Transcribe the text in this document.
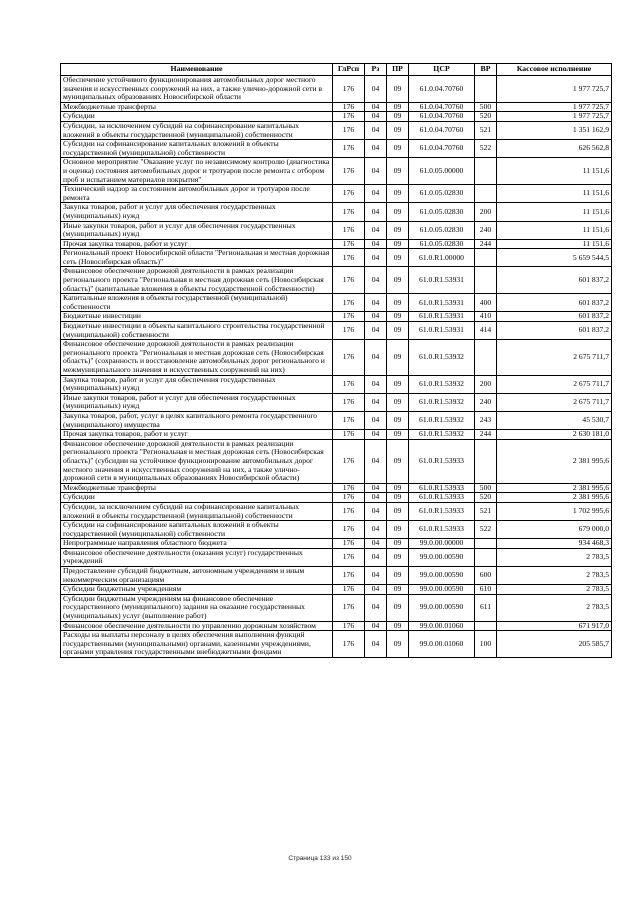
Наименование	ГлРсп	Рз	ПР	ЦСР	ВР	Кассовое исполнение
Обеспечение устойчивого функционирования автомобильных дорог местного значения и искусственных сооружений на них, а также улично-дорожной сети в муниципальных образованиях Новосибирской области	176	04	09	61.0.04.70760		1 977 725,7
Межбюджетные трансферты	176	04	09	61.0.04.70760	500	1 977 725,7
Субсидии	176	04	09	61.0.04.70760	520	1 977 725,7
Субсидии, за исключением субсидий на софинансирование капитальных вложений в объекты государственной (муниципальной) собственности	176	04	09	61.0.04.70760	521	1 351 162,9
Субсидии на софинансирование капитальных вложений в объекты государственной (муниципальной) собственности	176	04	09	61.0.04.70760	522	626 562,8
Основное мероприятие "Оказание услуг по независимому контролю (диагностика и оценка) состояния автомобильных дорог и тротуаров после ремонта с отбором проб и испытанием материалов покрытия"	176	04	09	61.0.05.00000		11 151,6
Технический надзор за состоянием автомобильных дорог и тротуаров после ремонта	176	04	09	61.0.05.02830		11 151,6
Закупка товаров, работ и услуг для обеспечения государственных (муниципальных) нужд	176	04	09	61.0.05.02830	200	11 151,6
Иные закупки товаров, работ и услуг для обеспечения государственных (муниципальных) нужд	176	04	09	61.0.05.02830	240	11 151,6
Прочая закупка товаров, работ и услуг	176	04	09	61.0.05.02830	244	11 151,6
Региональный проект Новосибирской области "Региональная и местная дорожная сеть (Новосибирская область)"	176	04	09	61.0.R1.00000		5 659 544,5
Финансовое обеспечение дорожной деятельности в рамках реализации регионального проекта "Региональная и местная дорожная сеть (Новосибирская область)" (капитальные вложения в объекты государственной собственности)	176	04	09	61.0.R1.53931		601 837,2
Капитальные вложения в объекты государственной (муниципальной) собственности	176	04	09	61.0.R1.53931	400	601 837,2
Бюджетные инвестиции	176	04	09	61.0.R1.53931	410	601 837,2
Бюджетные инвестиции в объекты капитального строительства государственной (муниципальной) собственности	176	04	09	61.0.R1.53931	414	601 837,2
Финансовое обеспечение дорожной деятельности в рамках реализации регионального проекта "Региональная и местная дорожная сеть (Новосибирская область)" (сохранность и восстановление автомобильных дорог регионального и межмуниципального значения и искусственных сооружений на них)	176	04	09	61.0.R1.53932		2 675 711,7
Закупка товаров, работ и услуг для обеспечения государственных (муниципальных) нужд	176	04	09	61.0.R1.53932	200	2 675 711,7
Иные закупки товаров, работ и услуг для обеспечения государственных (муниципальных) нужд	176	04	09	61.0.R1.53932	240	2 675 711,7
Закупка товаров, работ, услуг в целях капитального ремонта государственного (муниципального) имущества	176	04	09	61.0.R1.53932	243	45 530,7
Прочая закупка товаров, работ и услуг	176	04	09	61.0.R1.53932	244	2 630 181,0
Финансовое обеспечение дорожной деятельности в рамках реализации регионального проекта "Региональная и местная дорожная сеть (Новосибирская область)" (субсидии на устойчивое функционирование автомобильных дорог местного значения и искусственных сооружений на них, а также улично-дорожной сети в муниципальных образованиях Новосибирской области)	176	04	09	61.0.R1.53933		2 381 995,6
Межбюджетные трансферты	176	04	09	61.0.R1.53933	500	2 381 995,6
Субсидии	176	04	09	61.0.R1.53933	520	2 381 995,6
Субсидии, за исключением субсидий на софинансирование капитальных вложений в объекты государственной (муниципальной) собственности	176	04	09	61.0.R1.53933	521	1 702 995,6
Субсидии на софинансирование капитальных вложений в объекты государственной (муниципальной) собственности	176	04	09	61.0.R1.53933	522	679 000,0
Непрограммные направления областного бюджета	176	04	09	99.0.00.00000		934 468,3
Финансовое обеспечение деятельности (оказания услуг) государственных учреждений	176	04	09	99.0.00.00590		2 783,5
Предоставление субсидий бюджетным, автономным учреждениям и иным некоммерческим организациям	176	04	09	99.0.00.00590	600	2 783,5
Субсидии бюджетным учреждениям	176	04	09	99.0.00.00590	610	2 783,5
Субсидии бюджетным учреждениям на финансовое обеспечение государственного (муниципального) задания на оказание государственных (муниципальных) услуг (выполнение работ)	176	04	09	99.0.00.00590	611	2 783,5
Финансовое обеспечение деятельности по управлению дорожным хозяйством	176	04	09	99.0.00.01060		671 917,0
Расходы на выплаты персоналу в целях обеспечения выполнения функций государственными (муниципальными) органами, казенными учреждениями, органами управления государственными внебюджетными фондами	176	04	09	99.0.00.01060	100	205 585,7
Страница 133 из 150
